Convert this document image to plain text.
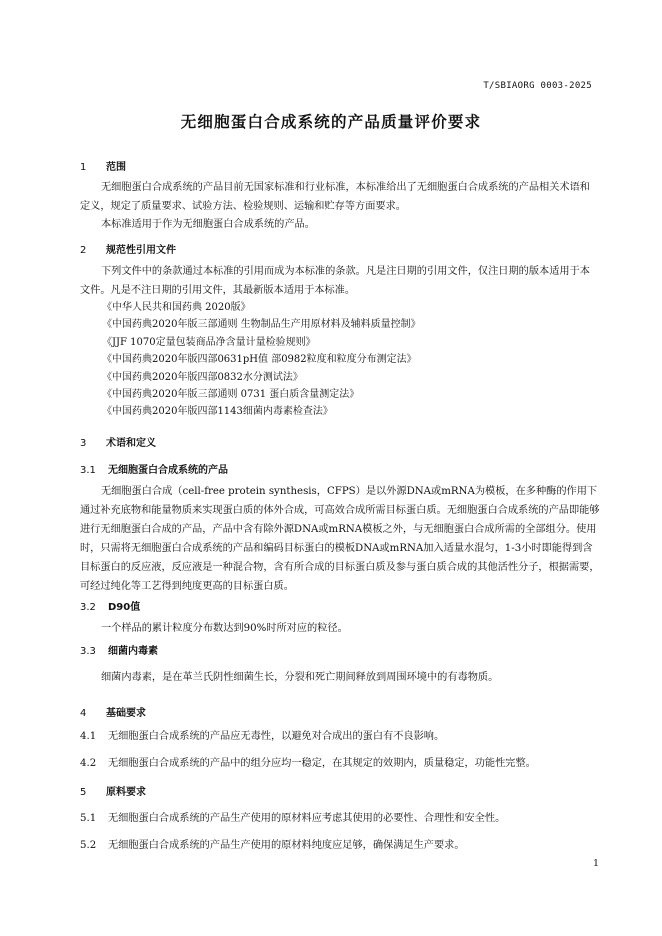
T/SBIAORG 0003-2025
无细胞蛋白合成系统的产品质量评价要求
1 范围
无细胞蛋白合成系统的产品目前无国家标准和行业标准，本标准给出了无细胞蛋白合成系统的产品相关术语和定义，规定了质量要求、试验方法、检验规则、运输和贮存等方面要求。
本标准适用于作为无细胞蛋白合成系统的产品。
2 规范性引用文件
下列文件中的条款通过本标准的引用而成为本标准的条款。凡是注日期的引用文件，仅注日期的版本适用于本文件。凡是不注日期的引用文件，其最新版本适用于本标准。
《中华人民共和国药典 2020版》
《中国药典2020年版三部通则 生物制品生产用原材料及辅料质量控制》
《JJF 1070定量包装商品净含量计量检验规则》
《中国药典2020年版四部0631pH值 部0982粒度和粒度分布测定法》
《中国药典2020年版四部0832水分测试法》
《中国药典2020年版三部通则 0731 蛋白质含量测定法》
《中国药典2020年版四部1143细菌内毒素检查法》
3 术语和定义
3.1 无细胞蛋白合成系统的产品
无细胞蛋白合成（cell-free protein synthesis，CFPS）是以外源DNA或mRNA为模板，在多种酶的作用下通过补充底物和能量物质来实现蛋白质的体外合成，可高效合成所需目标蛋白质。无细胞蛋白合成系统的产品即能够进行无细胞蛋白合成的产品，产品中含有除外源DNA或mRNA模板之外，与无细胞蛋白合成所需的全部组分。使用时，只需将无细胞蛋白合成系统的产品和编码目标蛋白的模板DNA或mRNA加入适量水混匀，1-3小时即能得到含目标蛋白的反应液，反应液是一种混合物，含有所合成的目标蛋白质及参与蛋白质合成的其他活性分子，根据需要，可经过纯化等工艺得到纯度更高的目标蛋白质。
3.2 D90值
一个样品的累计粒度分布数达到90%时所对应的粒径。
3.3 细菌内毒素
细菌内毒素，是在革兰氏阴性细菌生长，分裂和死亡期间释放到周围环境中的有毒物质。
4 基础要求
4.1 无细胞蛋白合成系统的产品应无毒性，以避免对合成出的蛋白有不良影响。
4.2 无细胞蛋白合成系统的产品中的组分应均一稳定，在其规定的效期内，质量稳定，功能性完整。
5 原料要求
5.1 无细胞蛋白合成系统的产品生产使用的原材料应考虑其使用的必要性、合理性和安全性。
5.2 无细胞蛋白合成系统的产品生产使用的原材料纯度应足够，确保满足生产要求。
1
